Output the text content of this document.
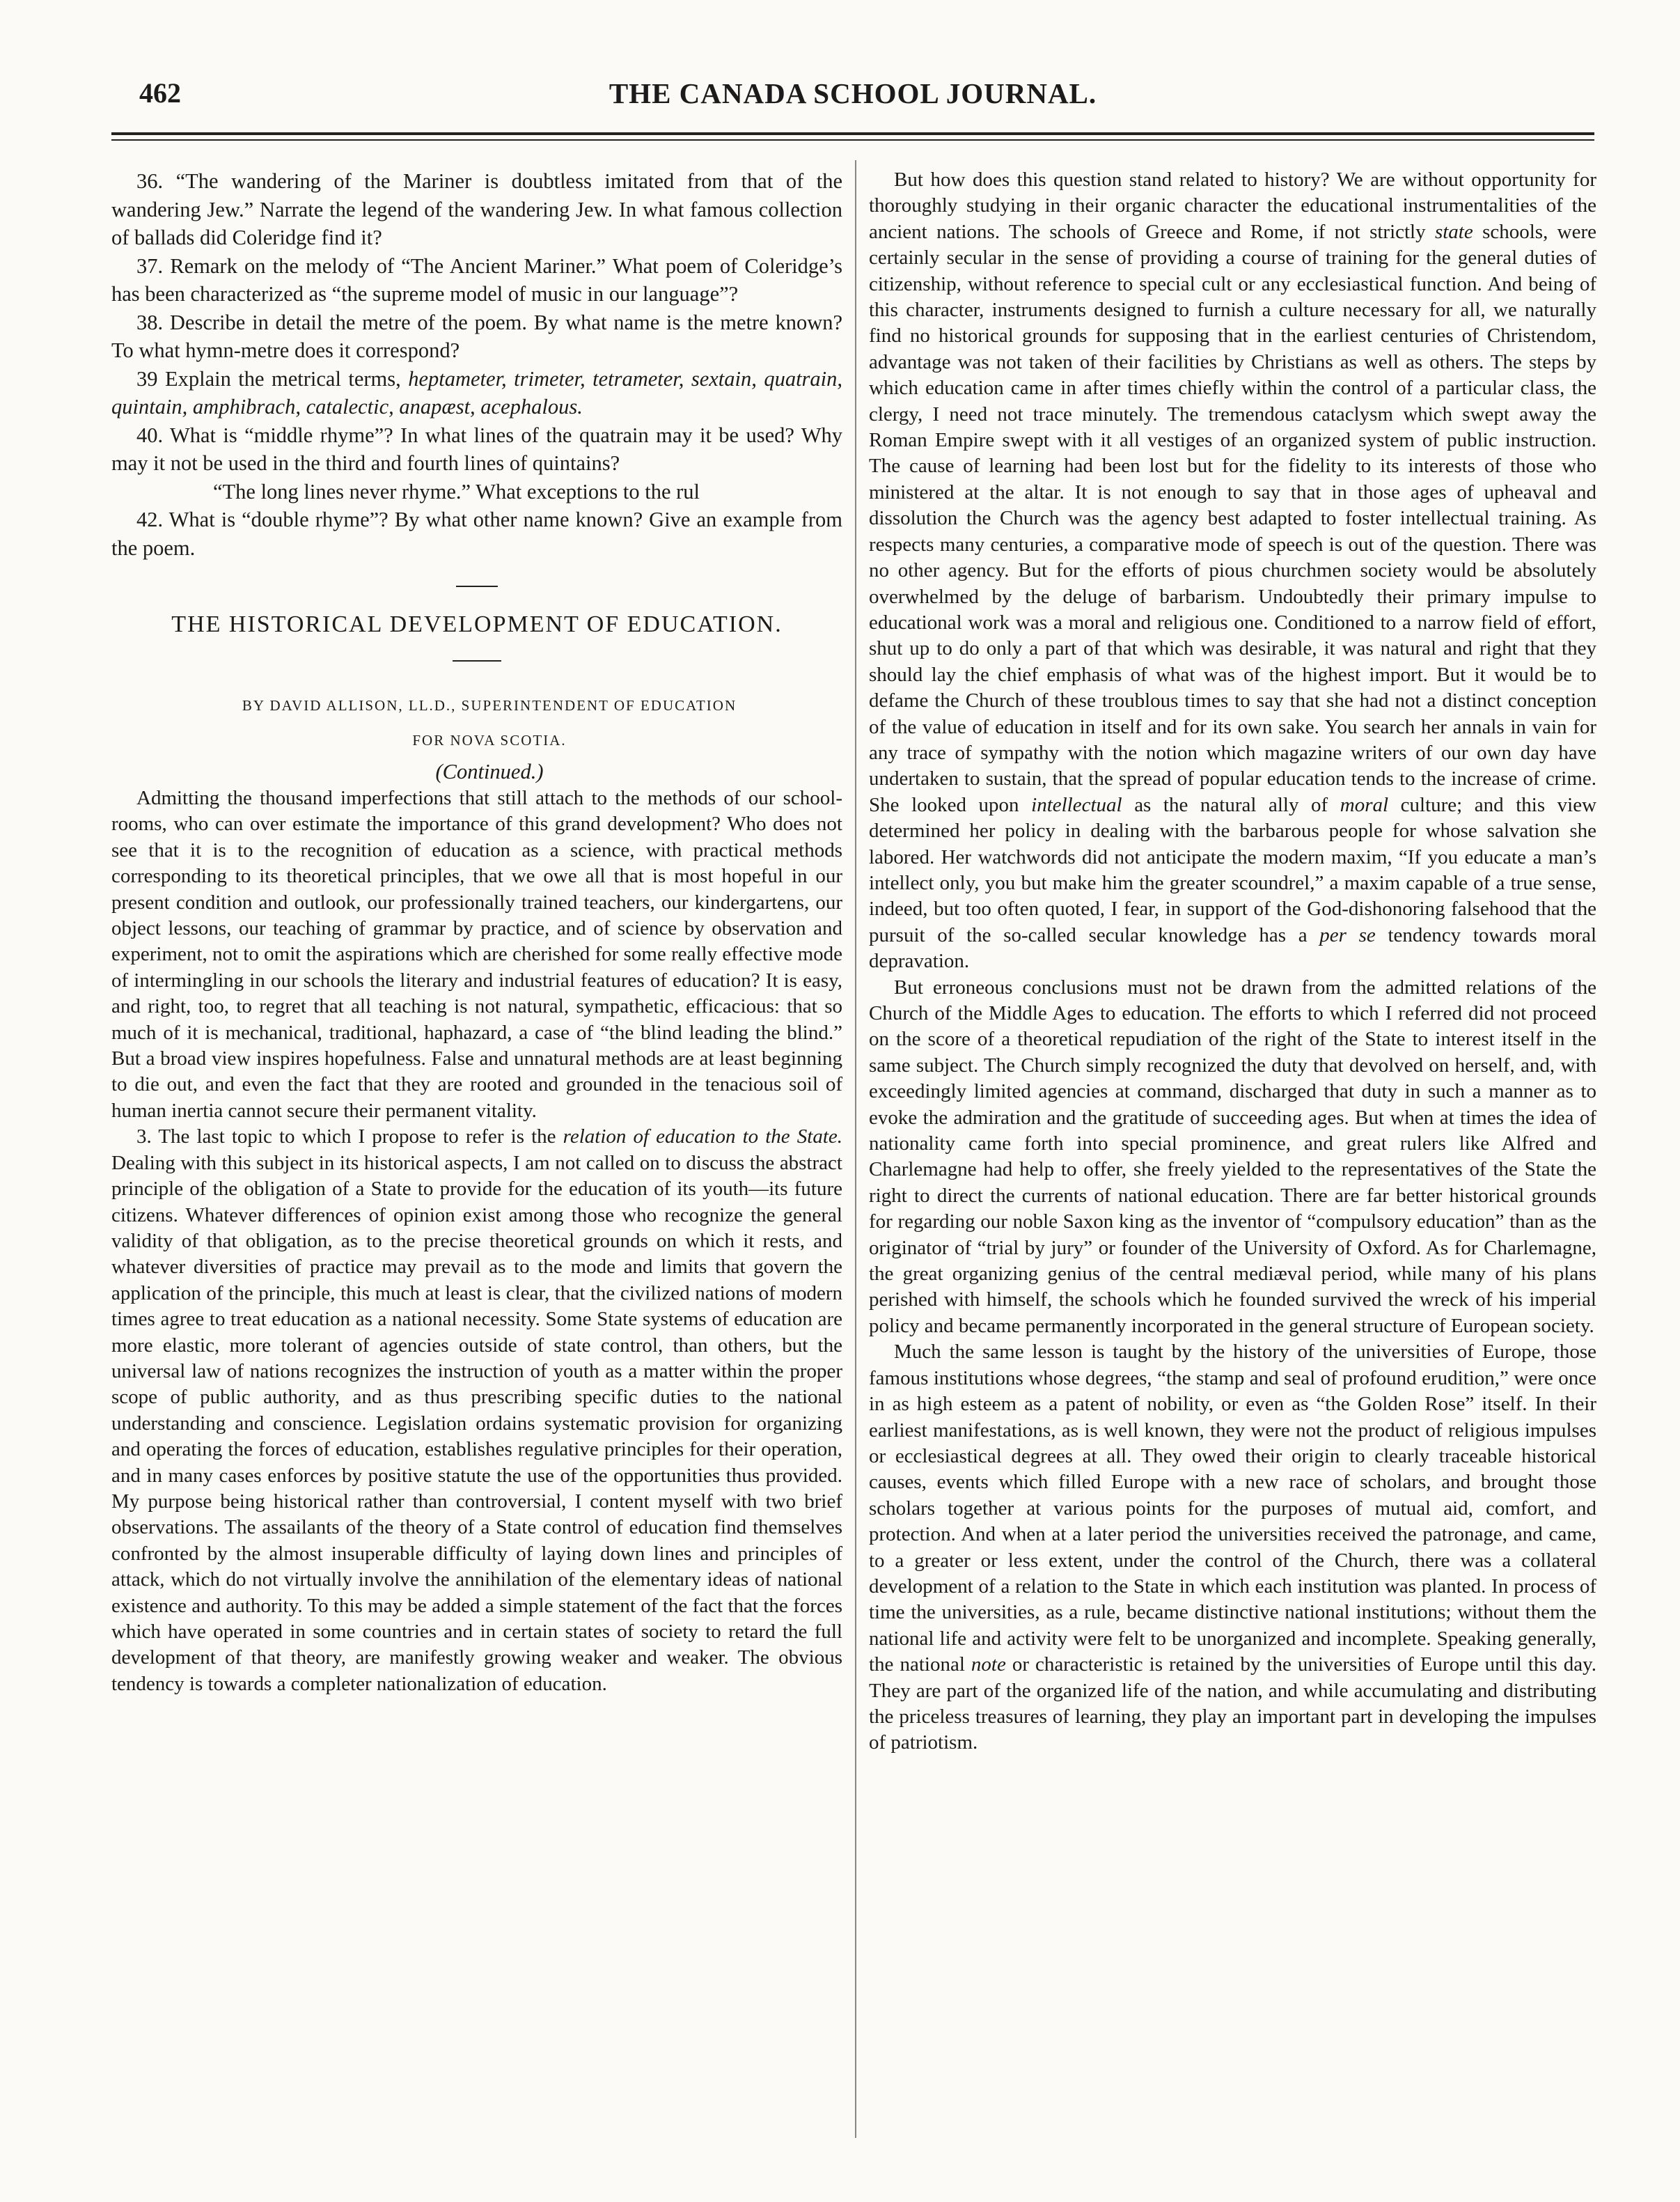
462	THE CANADA SCHOOL JOURNAL.

36. “The wandering of the Mariner is doubtless imitated from that of the wandering Jew.” Narrate the legend of the wandering Jew. In what famous collection of ballads did Coleridge find it?

37. Remark on the melody of “The Ancient Mariner.” What poem of Coleridge’s has been characterized as “the supreme model of music in our language”?

38. Describe in detail the metre of the poem. By what name is the metre known? To what hymn-metre does it correspond?

39 Explain the metrical terms, heptameter, trimeter, tetrameter, sextain, quatrain, quintain, amphibrach, catalectic, anapæst, acephalous.

40. What is “middle rhyme”? In what lines of the quatrain may it be used? Why may it not be used in the third and fourth lines of quintains?

“The long lines never rhyme.” What exceptions to the rul

42. What is “double rhyme”? By what other name known? Give an example from the poem.

THE HISTORICAL DEVELOPMENT OF EDUCATION.

BY DAVID ALLISON, LL.D., SUPERINTENDENT OF EDUCATION

FOR NOVA SCOTIA.

(Continued.)

Admitting the thousand imperfections that still attach to the methods of our school-rooms, who can over estimate the importance of this grand development? Who does not see that it is to the recognition of education as a science, with practical methods corresponding to its theoretical principles, that we owe all that is most hopeful in our present condition and outlook, our professionally trained teachers, our kindergartens, our object lessons, our teaching of grammar by practice, and of science by observation and experiment, not to omit the aspirations which are cherished for some really effective mode of intermingling in our schools the literary and industrial features of education? It is easy, and right, too, to regret that all teaching is not natural, sympathetic, efficacious: that so much of it is mechanical, traditional, haphazard, a case of “the blind leading the blind.” But a broad view inspires hopefulness. False and unnatural methods are at least beginning to die out, and even the fact that they are rooted and grounded in the tenacious soil of human inertia cannot secure their permanent vitality.

3. The last topic to which I propose to refer is the relation of education to the State. Dealing with this subject in its historical aspects, I am not called on to discuss the abstract principle of the obligation of a State to provide for the education of its youth—its future citizens. Whatever differences of opinion exist among those who recognize the general validity of that obligation, as to the precise theoretical grounds on which it rests, and whatever diversities of practice may prevail as to the mode and limits that govern the application of the principle, this much at least is clear, that the civilized nations of modern times agree to treat education as a national necessity. Some State systems of education are more elastic, more tolerant of agencies outside of state control, than others, but the universal law of nations recognizes the instruction of youth as a matter within the proper scope of public authority, and as thus prescribing specific duties to the national understanding and conscience. Legislation ordains systematic provision for organizing and operating the forces of education, establishes regulative principles for their operation, and in many cases enforces by positive statute the use of the opportunities thus provided. My purpose being historical rather than controversial, I content myself with two brief observations. The assailants of the theory of a State control of education find themselves confronted by the almost insuperable difficulty of laying down lines and principles of attack, which do not virtually involve the annihilation of the elementary ideas of national existence and authority. To this may be added a simple statement of the fact that the forces which have operated in some countries and in certain states of society to retard the full development of that theory, are manifestly growing weaker and weaker. The obvious tendency is towards a completer nationalization of education.

But how does this question stand related to history? We are without opportunity for thoroughly studying in their organic character the educational instrumentalities of the ancient nations. The schools of Greece and Rome, if not strictly state schools, were certainly secular in the sense of providing a course of training for the general duties of citizenship, without reference to special cult or any ecclesiastical function. And being of this character, instruments designed to furnish a culture necessary for all, we naturally find no historical grounds for supposing that in the earliest centuries of Christendom, advantage was not taken of their facilities by Christians as well as others. The steps by which education came in after times chiefly within the control of a particular class, the clergy, I need not trace minutely. The tremendous cataclysm which swept away the Roman Empire swept with it all vestiges of an organized system of public instruction. The cause of learning had been lost but for the fidelity to its interests of those who ministered at the altar. It is not enough to say that in those ages of upheaval and dissolution the Church was the agency best adapted to foster intellectual training. As respects many centuries, a comparative mode of speech is out of the question. There was no other agency. But for the efforts of pious churchmen society would be absolutely overwhelmed by the deluge of barbarism. Undoubtedly their primary impulse to educational work was a moral and religious one. Conditioned to a narrow field of effort, shut up to do only a part of that which was desirable, it was natural and right that they should lay the chief emphasis of what was of the highest import. But it would be to defame the Church of these troublous times to say that she had not a distinct conception of the value of education in itself and for its own sake. You search her annals in vain for any trace of sympathy with the notion which magazine writers of our own day have undertaken to sustain, that the spread of popular education tends to the increase of crime. She looked upon intellectual as the natural ally of moral culture; and this view determined her policy in dealing with the barbarous people for whose salvation she labored. Her watchwords did not anticipate the modern maxim, “If you educate a man’s intellect only, you but make him the greater scoundrel,” a maxim capable of a true sense, indeed, but too often quoted, I fear, in support of the God-dishonoring falsehood that the pursuit of the so-called secular knowledge has a per se tendency towards moral depravation.

But erroneous conclusions must not be drawn from the admitted relations of the Church of the Middle Ages to education. The efforts to which I referred did not proceed on the score of a theoretical repudiation of the right of the State to interest itself in the same subject. The Church simply recognized the duty that devolved on herself, and, with exceedingly limited agencies at command, discharged that duty in such a manner as to evoke the admiration and the gratitude of succeeding ages. But when at times the idea of nationality came forth into special prominence, and great rulers like Alfred and Charlemagne had help to offer, she freely yielded to the representatives of the State the right to direct the currents of national education. There are far better historical grounds for regarding our noble Saxon king as the inventor of “compulsory education” than as the originator of “trial by jury” or founder of the University of Oxford. As for Charlemagne, the great organizing genius of the central mediæval period, while many of his plans perished with himself, the schools which he founded survived the wreck of his imperial policy and became permanently incorporated in the general structure of European society.

Much the same lesson is taught by the history of the universities of Europe, those famous institutions whose degrees, “the stamp and seal of profound erudition,” were once in as high esteem as a patent of nobility, or even as “the Golden Rose” itself. In their earliest manifestations, as is well known, they were not the product of religious impulses or ecclesiastical degrees at all. They owed their origin to clearly traceable historical causes, events which filled Europe with a new race of scholars, and brought those scholars together at various points for the purposes of mutual aid, comfort, and protection. And when at a later period the universities received the patronage, and came, to a greater or less extent, under the control of the Church, there was a collateral development of a relation to the State in which each institution was planted. In process of time the universities, as a rule, became distinctive national institutions; without them the national life and activity were felt to be unorganized and incomplete. Speaking generally, the national note or characteristic is retained by the universities of Europe until this day. They are part of the organized life of the nation, and while accumulating and distributing the priceless treasures of learning, they play an important part in developing the impulses of patriotism.
